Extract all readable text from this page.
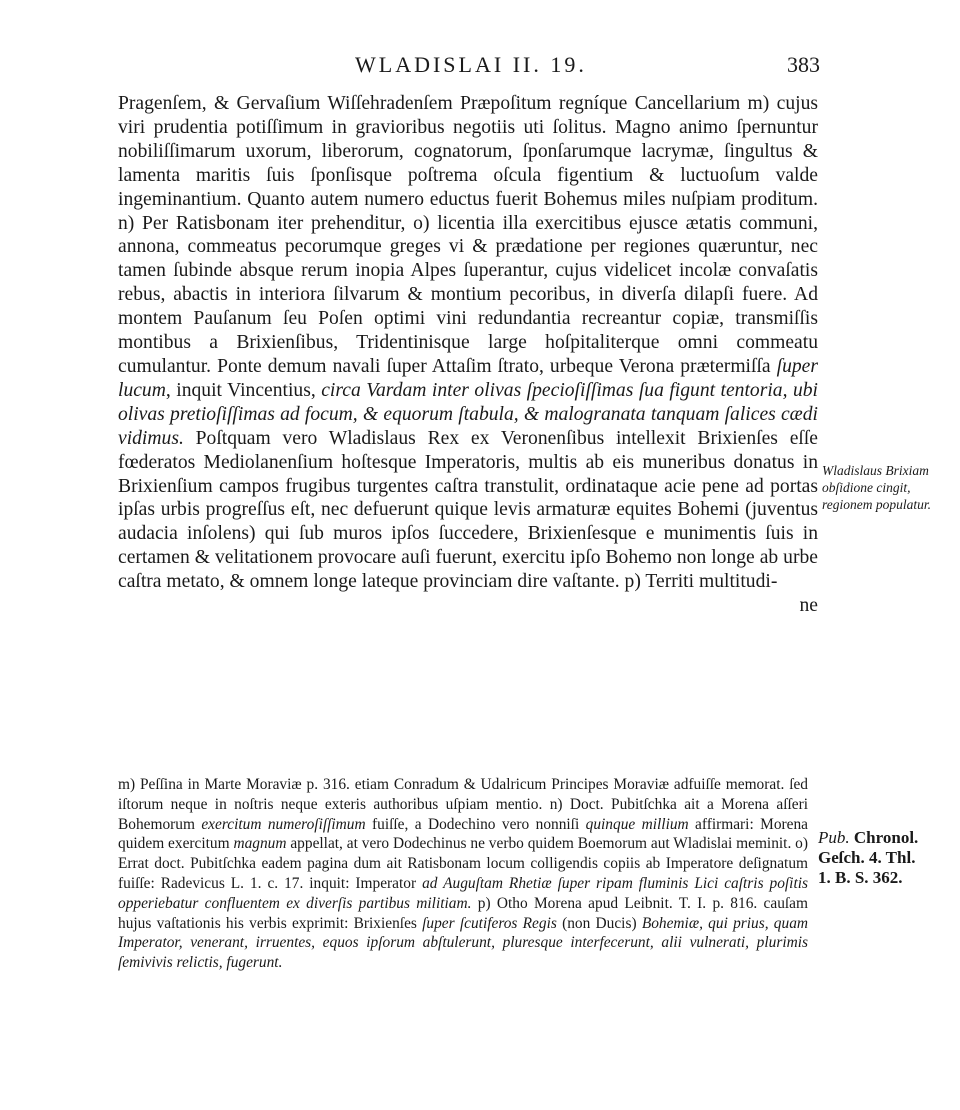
WLADISLAI II. 19.	383

Pragenſem, & Gervaſium Wiſſehradenſem Præpoſitum regníque Cancellarium m) cujus viri prudentia potiſſimum in gravioribus negotiis uti ſolitus. Magno animo ſpernuntur nobiliſſimarum uxorum, liberorum, cognatorum, ſponſarumque lacrymæ, ſingultus & lamenta maritis ſuis ſponſisque poſtrema oſcula figentium & luctuoſum valde ingeminantium. Quanto autem numero eductus fuerit Bohemus miles nuſpiam proditum. n) Per Ratisbonam iter prehenditur, o) licentia illa exercitibus ejusce ætatis communi, annona, commeatus pecorumque greges vi & prædatione per regiones quæruntur, nec tamen ſubinde absque rerum inopia Alpes ſuperantur, cujus videlicet incolæ convaſatis rebus, abactis in interiora ſilvarum & montium pecoribus, in diverſa dilapſi fuere. Ad montem Pauſanum ſeu Poſen optimi vini redundantia recreantur copiæ, transmiſſis montibus a Brixienſibus, Tridentinisque large hoſpitaliterque omni commeatu cumulantur. Ponte demum navali ſuper Attaſim ſtrato, urbeque Verona prætermiſſa ſuper lucum, inquit Vincentius, circa Vardam inter olivas ſpecioſiſſimas ſua figunt tentoria, ubi olivas pretioſiſſimas ad focum, & equorum ſtabula, & malogranata tanquam ſalices cædi vidimus. Poſtquam vero Wladislaus Rex ex Veronenſibus intellexit Brixienſes eſſe fœderatos Mediolanenſium hoſtesque Imperatoris, multis ab eis muneribus donatus in Brixienſium campos frugibus turgentes caſtra transtulit, ordinataque acie pene ad portas ipſas urbis progreſſus eſt, nec defuerunt quique levis armaturæ equites Bohemi (juventus audacia inſolens) qui ſub muros ipſos ſuccedere, Brixienſesque e munimentis ſuis in certamen & velitationem provocare auſi fuerunt, exercitu ipſo Bohemo non longe ab urbe caſtra metato, & omnem longe lateque provinciam dire vaſtante. p) Territi multitudi-

ne

Wladislaus Brixiam obſidione cingit, regionem populatur.

m) Peſſina in Marte Moraviæ p. 316. etiam Conradum & Udalricum Principes Moraviæ adfuiſſe memorat. ſed iſtorum neque in noſtris neque exteris authoribus uſpiam mentio. n) Doct. Pubitſchka ait a Morena aſſeri Bohemorum exercitum numeroſiſſimum fuiſſe, a Dodechino vero nonniſi quinque millium affirmari: Morena quidem exercitum magnum appellat, at vero Dodechinus ne verbo quidem Boemorum aut Wladislai meminit. o) Errat doct. Pubitſchka eadem pagina dum ait Ratisbonam locum colligendis copiis ab Imperatore deſignatum fuiſſe: Radevicus L. 1. c. 17. inquit: Imperator ad Auguſtam Rhetiæ ſuper ripam fluminis Lici caſtris poſitis opperiebatur confluentem ex diverſis partibus militiam. p) Otho Morena apud Leibnit. T. I. p. 816. cauſam hujus vaſtationis his verbis exprimit: Brixienſes ſuper ſcutiferos Regis (non Ducis) Bohemiæ, qui prius, quam Imperator, venerant, irruentes, equos ipſorum abſtulerunt, pluresque interfecerunt, alii vulnerati, plurimis ſemivivis relictis, fugerunt.

Pub. Chronol.
Geſch. 4. Thl.
1. B. S. 362.
